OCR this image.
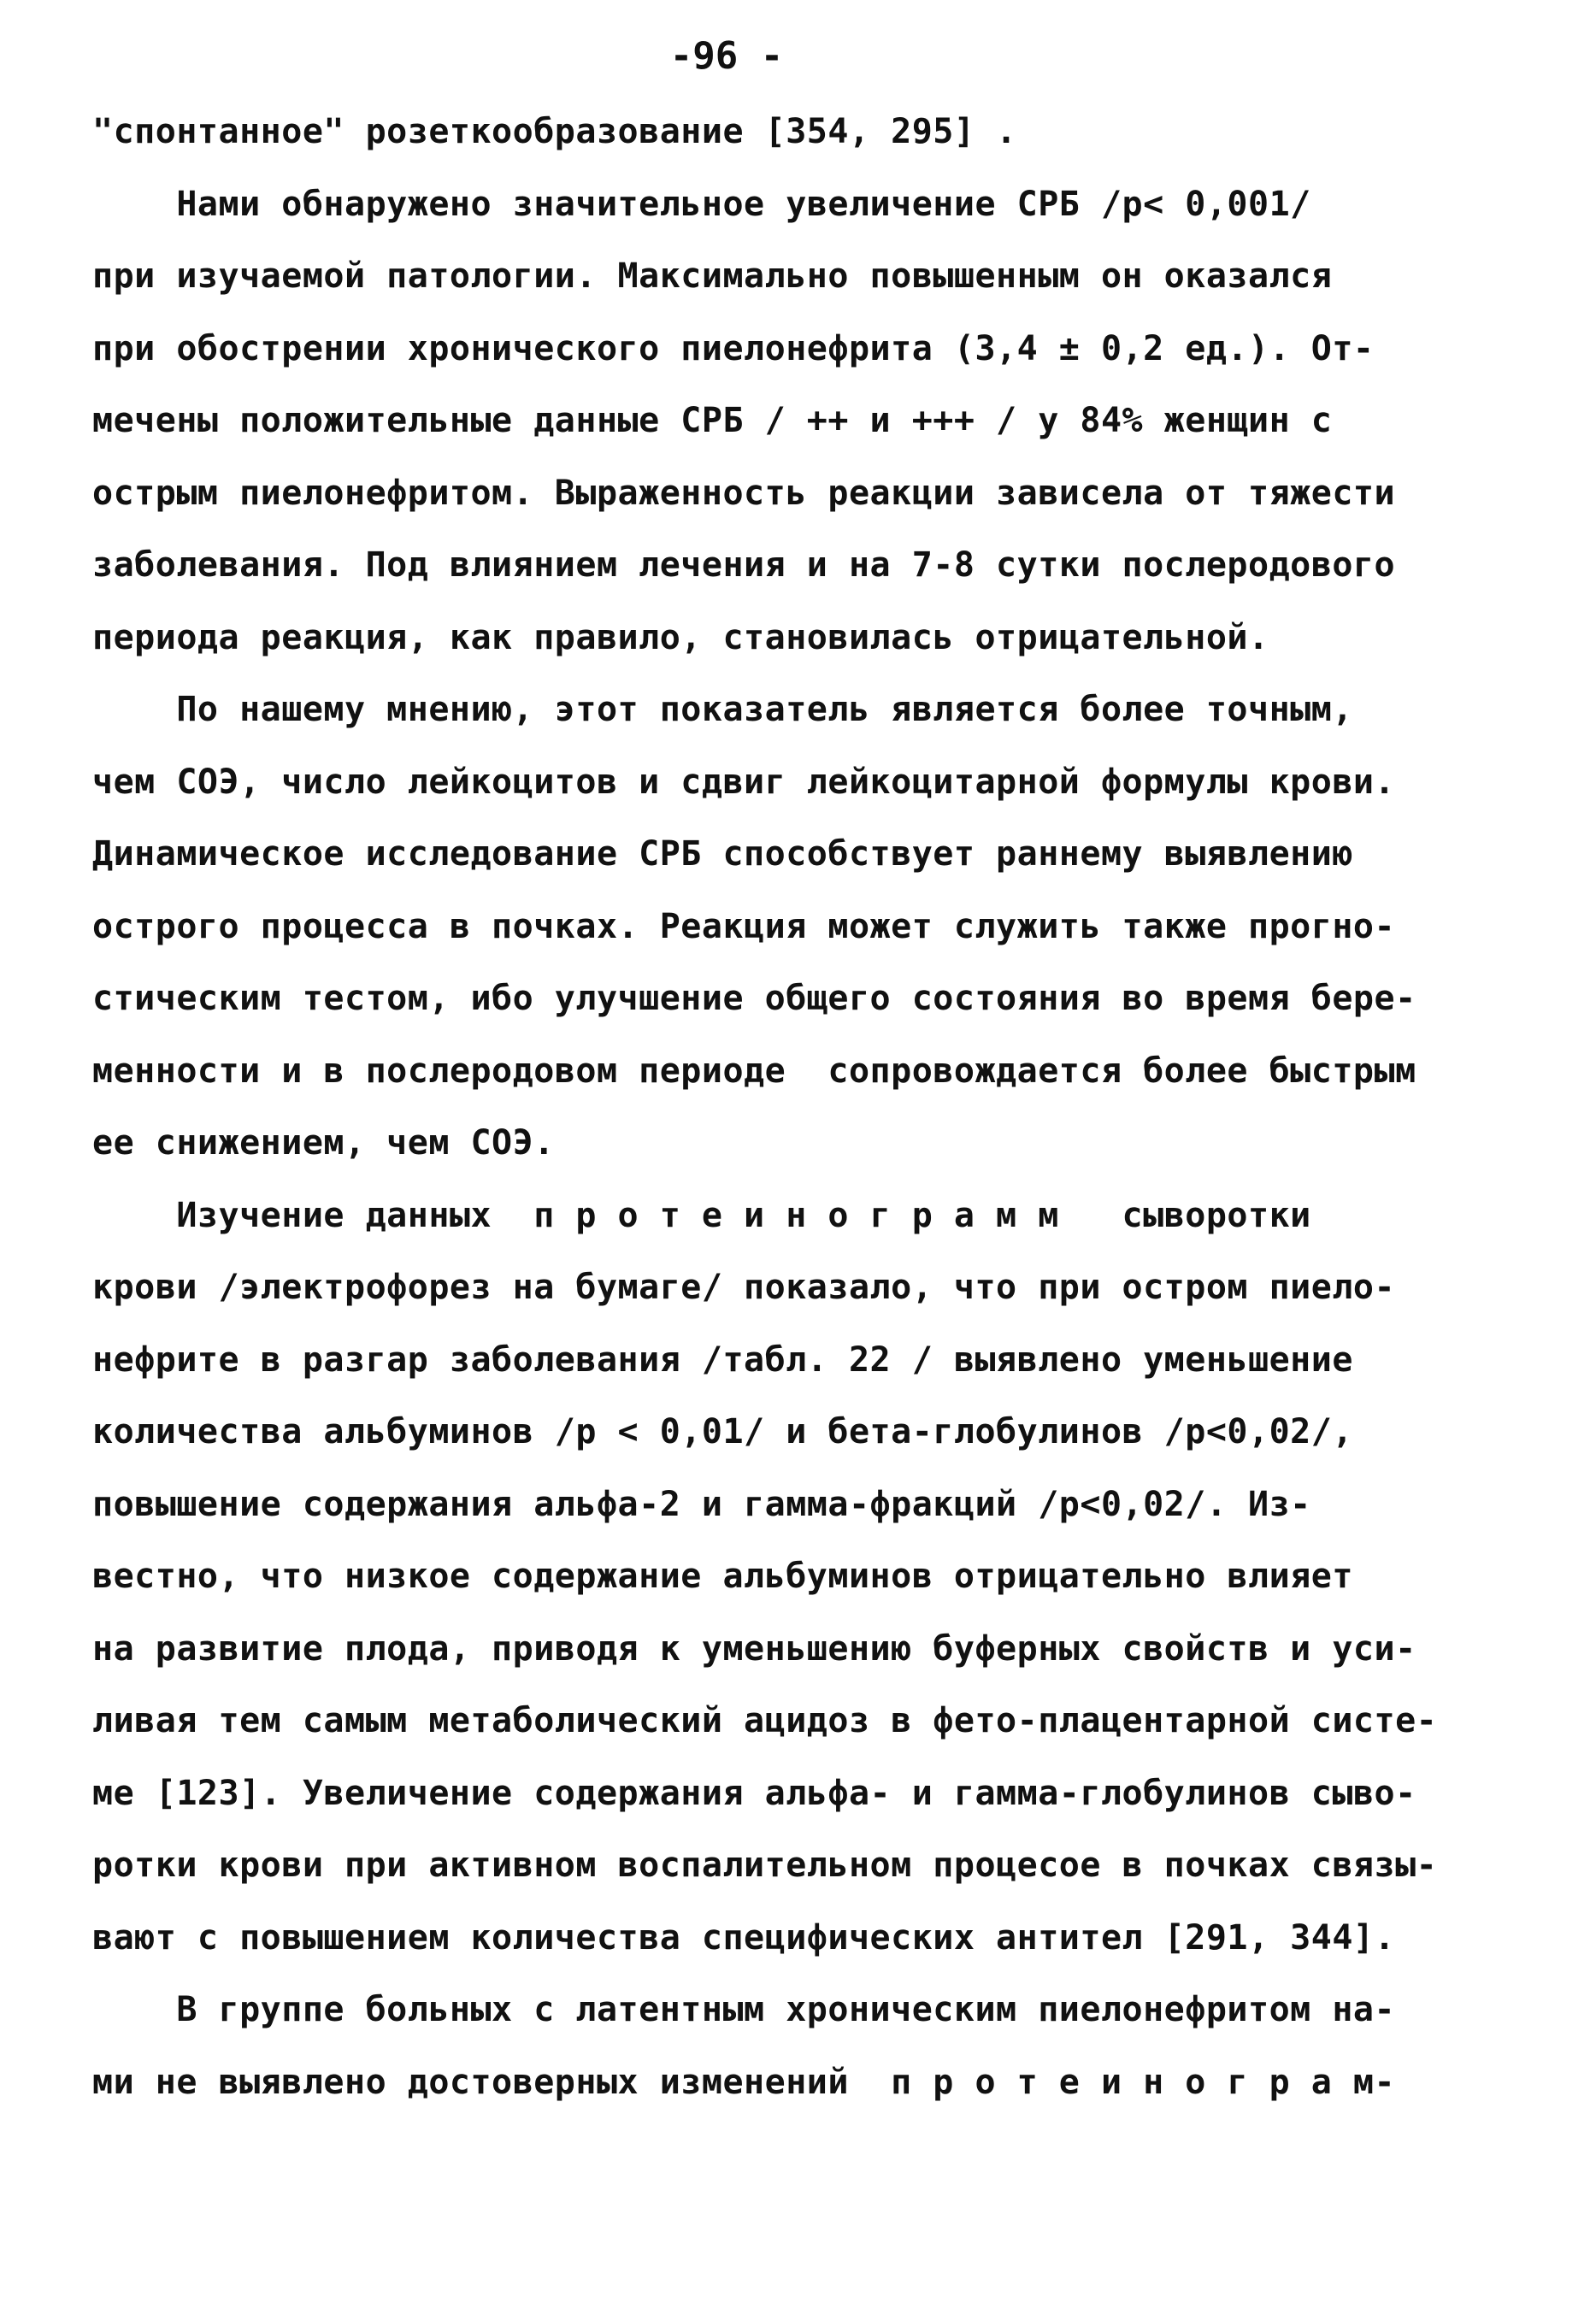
-96 -
"спонтанное" розеткообразование [354, 295] .
Нами обнаружено значительное увеличение СРБ /р< 0,001/
при изучаемой патологии. Максимально повышенным он оказался
при обострении хронического пиелонефрита (3,4 ± 0,2 ед.). От-
мечены положительные данные СРБ / ++ и +++ / у 84% женщин с
острым пиелонефритом. Выраженность реакции зависела от тяжести
заболевания. Под влиянием лечения и на 7-8 сутки послеродового
периода реакция, как правило, становилась отрицательной.
По нашему мнению, этот показатель является более точным,
чем СОЭ, число лейкоцитов и сдвиг лейкоцитарной формулы крови.
Динамическое исследование СРБ способствует раннему выявлению
острого процесса в почках. Реакция может служить также прогно-
стическим тестом, ибо улучшение общего состояния во время бере-
менности и в послеродовом периоде  сопровождается более быстрым
ее снижением, чем СОЭ.
Изучение данных  п р о т е и н о г р а м м   сыворотки
крови /электрофорез на бумаге/ показало, что при остром пиело-
нефрите в разгар заболевания /табл. 22 / выявлено уменьшение
количества альбуминов /р < 0,01/ и бета-глобулинов /р<0,02/,
повышение содержания альфа-2 и гамма-фракций /р<0,02/. Из-
вестно, что низкое содержание альбуминов отрицательно влияет
на развитие плода, приводя к уменьшению буферных свойств и уси-
ливая тем самым метаболический ацидоз в фето-плацентарной систе-
ме [123]. Увеличение содержания альфа- и гамма-глобулинов сыво-
ротки крови при активном воспалительном процесое в почках связы-
вают с повышением количества специфических антител [291, 344].
В группе больных с латентным хроническим пиелонефритом на-
ми не выявлено достоверных изменений  п р о т е и н о г р а м-
